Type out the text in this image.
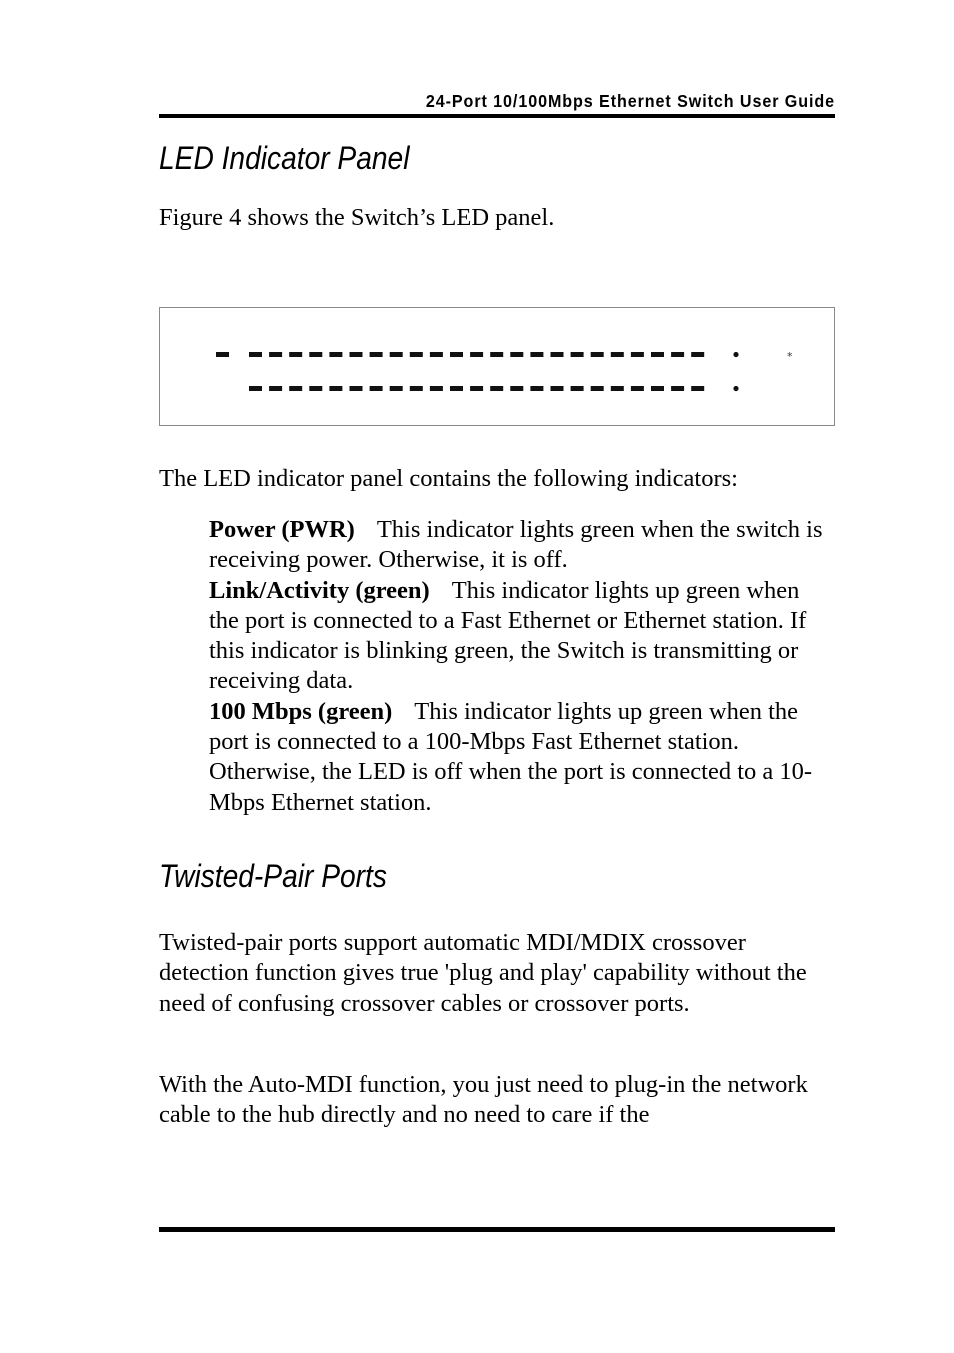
24-Port 10/100Mbps Ethernet Switch User Guide
LED Indicator Panel

Figure 4 shows the Switch’s LED panel.

*

The LED indicator panel contains the following indicators:

Power (PWR) This indicator lights green when the switch is receiving power. Otherwise, it is off.

Link/Activity (green) This indicator lights up green when the port is connected to a Fast Ethernet or Ethernet station. If this indicator is blinking green, the Switch is transmitting or receiving data.

100 Mbps (green) This indicator lights up green when the port is connected to a 100-Mbps Fast Ethernet station. Otherwise, the LED is off when the port is connected to a 10-Mbps Ethernet station.

Twisted-Pair Ports

Twisted-pair ports support automatic MDI/MDIX crossover detection function gives true 'plug and play' capability without the need of confusing crossover cables or crossover ports.

With the Auto-MDI function, you just need to plug-in the network cable to the hub directly and no need to care if the
